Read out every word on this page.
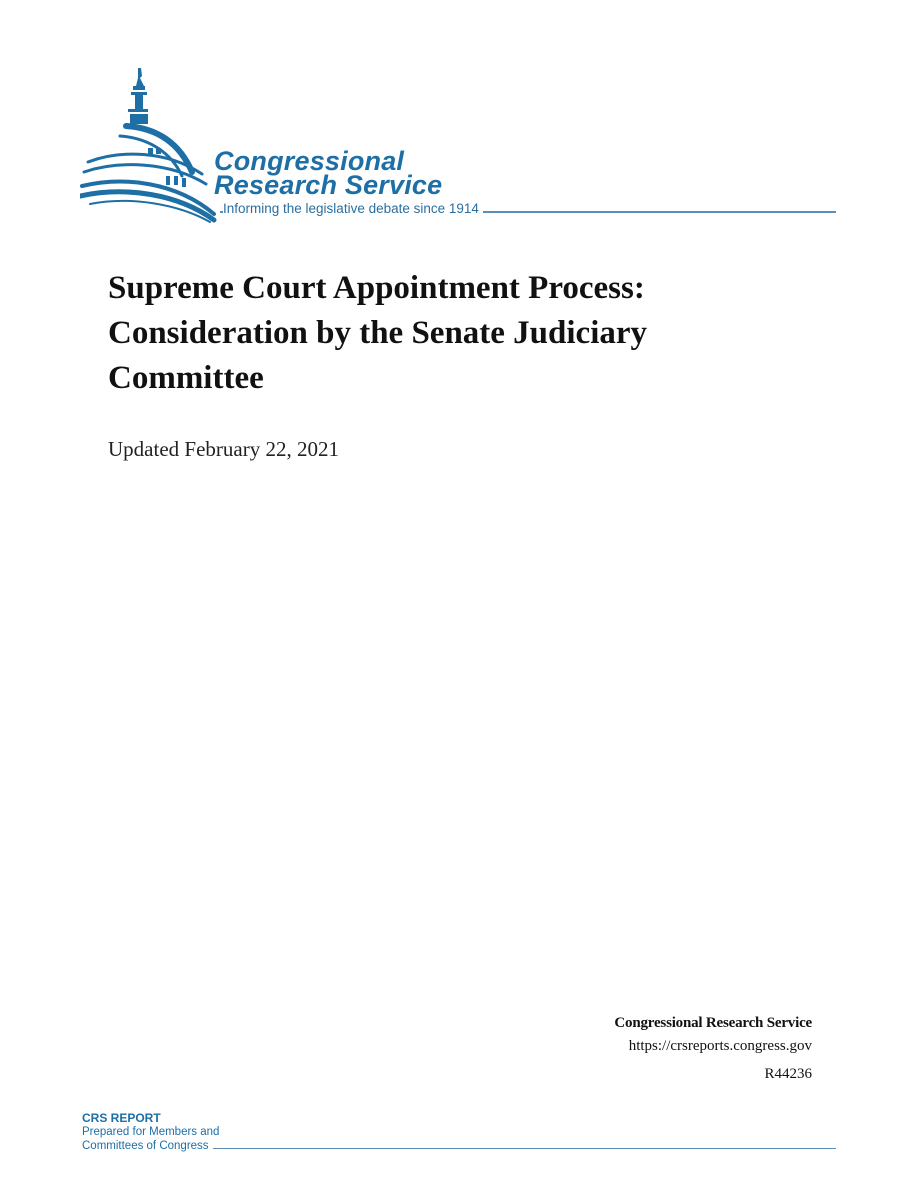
Congressional
Research Service
Informing the legislative debate since 1914
Supreme Court Appointment Process: Consideration by the Senate Judiciary Committee

Updated February 22, 2021

Congressional Research Service
https://crsreports.congress.gov
R44236
CRS REPORT
Prepared for Members and
Committees of Congress
